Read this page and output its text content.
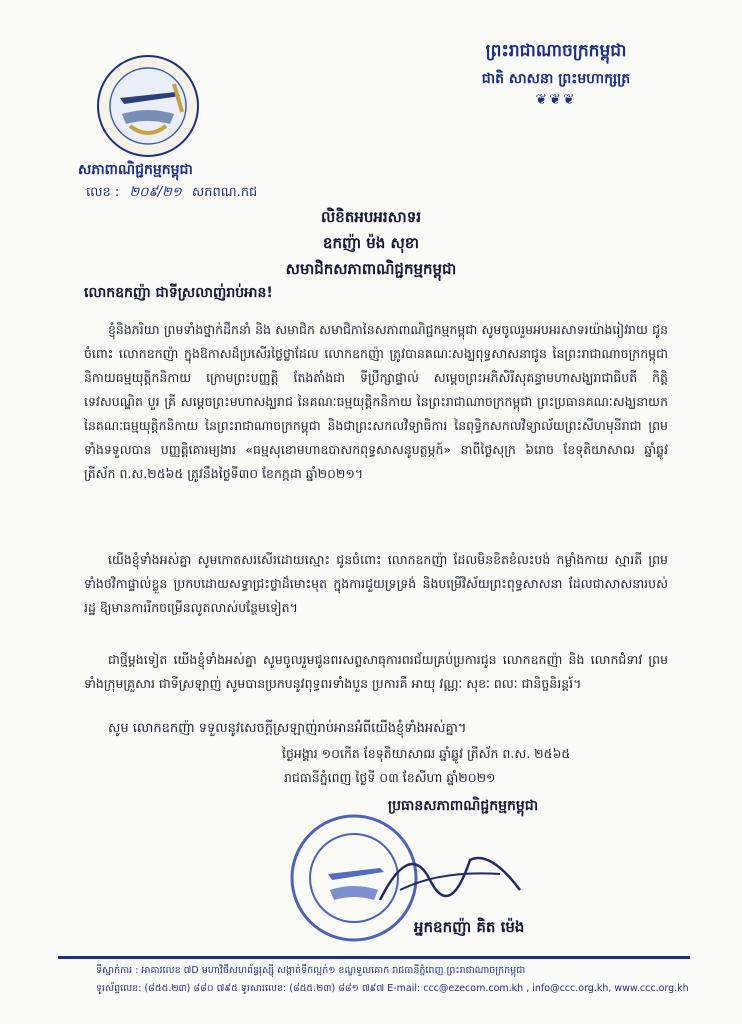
សភាពាណិជ្ជកម្មកម្ពុជា
លេខ : ២០៩/២១ សភពណ.កជ
ព្រះរាជាណាចក្រកម្ពុជា
ជាតិ សាសនា ព្រះមហាក្សត្រ
❦❦❦
លិខិតអបអរសាទរ
ឧកញ៉ា ម៉ង សុខា
សមាជិកសភាពាណិជ្ជកម្មកម្ពុជា
លោកឧកញ៉ា ជាទីស្រលាញ់រាប់អាន!
ខ្ញុំនិងភរិយា ព្រមទាំងថ្នាក់ដឹកនាំ និង សមាជិក សមាជិកានៃសភាពាណិជ្ជកម្មកម្ពុជា សូមចូលរួមអបអរសាទរយ៉ាងរៀវរាយ ជូនចំពោះ លោកឧកញ៉ា ក្នុងឱកាសដ៏ប្រសើរថ្លៃថ្លាដែល លោកឧកញ៉ា ត្រូវបានគណៈសង្ឃពុទ្ធសាសនាជូន នៃព្រះរាជាណាចក្រកម្ពុជា និកាយធម្មយុត្តិកនិកាយ ក្រោមព្រះបញ្ញត្តិ តែងតាំងជា ទីប្រឹក្សាផ្ទាល់ សម្តេចព្រះអភិសិរីសុគន្ធាមហាសង្ឃរាជាធិបតី កិត្តិទេវសបណ្ឌិត បួរ គ្រី សម្តេចព្រះមហាសង្ឃរាជ នៃគណៈធម្មយុត្តិកនិកាយ នៃព្រះរាជាណាចក្រកម្ពុជា ព្រះប្រធានគណៈសង្ឃនាយក នៃគណៈធម្មយុត្តិកនិកាយ នៃព្រះរាជាណាចក្រកម្ពុជា និងជាព្រះសកលវិទ្យាធិការ នៃពុទ្ធិកសកលវិទ្យាល័យព្រះសីហមុនីរាជា ព្រមទាំងទទួលបាន បញ្ញត្តិគោរម្យងារ «ធម្មសុខោមហាឧបាសកពុទ្ធសាសនូបត្ថម្ភក៍» នាពីថ្ងៃសុក្រ ៦រោច ខែទុតិយាសាឍ ឆ្នាំឆ្លូវ ត្រីស័ក ព.ស.២៥៦៥ ត្រូវនឹងថ្ងៃទី៣០ ខែកក្កដា ឆ្នាំ២០២១។
យើងខ្ញុំទាំងអស់គ្នា សូមកោតសរសើរដោយស្មោះ ជូនចំពោះ លោកឧកញ៉ា ដែលមិនខិតខំលះបង់ កម្លាំងកាយ ស្មារតី ព្រមទាំងថវិកាផ្ទាល់ខ្លួន ប្រកបដោយសទ្ធាជ្រះថ្លាដ៏មោះមុត ក្នុងការជួយទ្រទ្រង់ និងបម្រើវិស័យព្រះពុទ្ធសាសនា ដែលជាសាសនារបស់រដ្ឋ ឱ្យមានការរីកចម្រើនលូតលាស់បន្ថែមទៀត។
ជាថ្មីម្តងទៀត យើងខ្ញុំទាំងអស់គ្នា សូមចូលរួមជូនពរសព្ទសាធុការពរជ័យគ្រប់ប្រការជូន លោកឧកញ៉ា និង លោកជំទាវ ព្រមទាំងក្រុមគ្រួសារ ជាទីស្រឡាញ់ សូមបានប្រកបនូវពុទ្ធពរទាំងបួន ប្រការគឺ អាយុ វណ្ណៈ សុខៈ ពលៈ ជានិច្ចនិរន្តរ៍។
សូម លោកឧកញ៉ា ទទួលនូវសេចក្តីស្រឡាញ់រាប់អានអំពីយើងខ្ញុំទាំងអស់គ្នា។
ថ្ងៃអង្គារ ១០កើត ខែទុតិយាសាឍ ឆ្នាំឆ្លូវ ត្រីស័ក ព.ស. ២៥៦៥
រាជធានីភ្នំពេញ ថ្ងៃទី ០៣ ខែសីហា ឆ្នាំ២០២១
ប្រធានសភាពាណិជ្ជកម្មកម្ពុជា
អ្នកឧកញ៉ា គិត ម៉េង
ទីស្នាក់ការ : អាគារលេខ ៧D មហាវិថីសហព័ន្ធរុស្ស៊ី សង្កាត់ទឹកល្អក់១ ខណ្ឌទួលគោក រាជធានីភ្នំពេញ ព្រះរាជាណាចក្រកម្ពុជា
ទូរស័ព្ទលេខ: (៨៥៥.២៣) ៨៨០ ៧៩៥ ទូរសារលេខ: (៨៥៥.២៣) ៨៨១ ៧៩៧ E-mail: ccc@ezecom.com.kh , info@ccc.org.kh, www.ccc.org.kh
